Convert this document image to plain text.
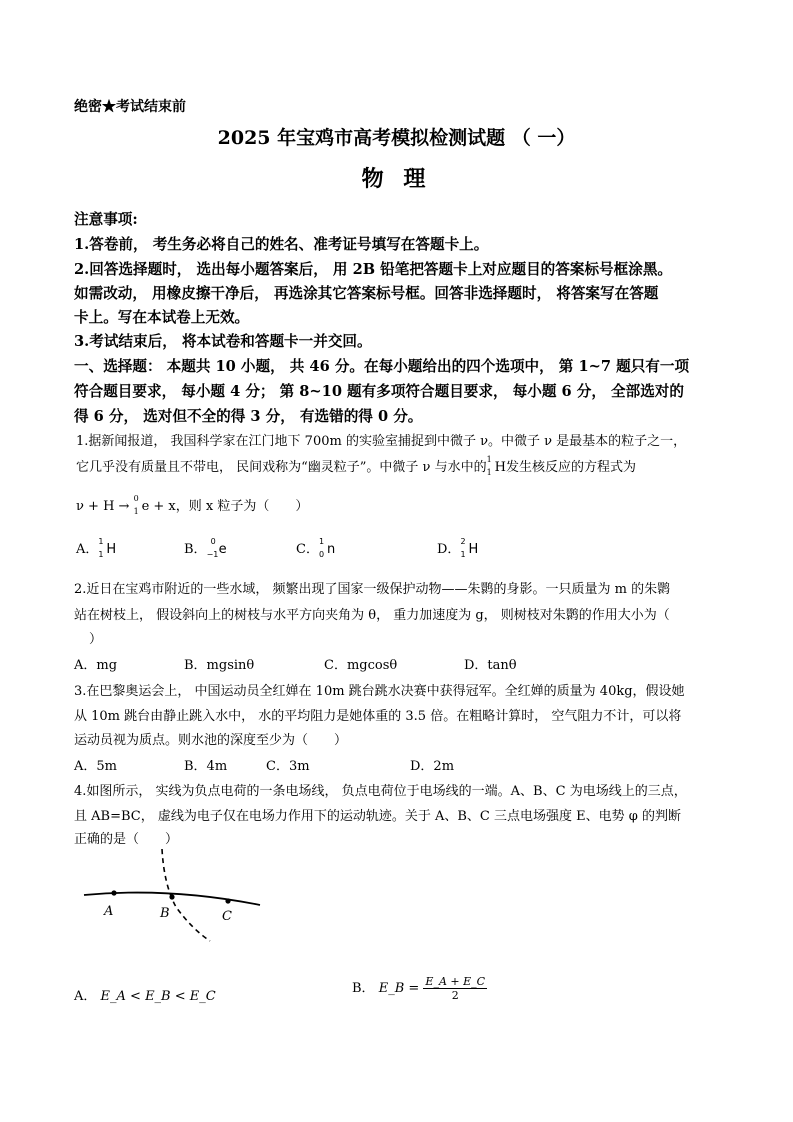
绝密★考试结束前
2025 年宝鸡市高考模拟检测试题 （ 一）
物 理
注意事项:
1.答卷前， 考生务必将自己的姓名、准考证号填写在答题卡上。
2.回答选择题时， 选出每小题答案后， 用 2B 铅笔把答题卡上对应题目的答案标号框涂黑。
如需改动， 用橡皮擦干净后， 再选涂其它答案标号框。回答非选择题时， 将答案写在答题
卡上。写在本试卷上无效。
3.考试结束后， 将本试卷和答题卡一并交回。
一、选择题： 本题共 10 小题， 共 46 分。在每小题给出的四个选项中， 第 1~7 题只有一项
符合题目要求， 每小题 4 分； 第 8~10 题有多项符合题目要求， 每小题 6 分， 全部选对的
得 6 分， 选对但不全的得 3 分， 有选错的得 0 分。
1.据新闻报道， 我国科学家在江门地下 700m 的实验室捕捉到中微子 ν。中微子 ν 是最基本的粒子之一，
它几乎没有质量且不带电， 民间戏称为“幽灵粒子”。中微子 ν 与水中的
1
1 H发生核反应的方程式为
ν + H →
0
1 e + x，则 x 粒子为（　　）
A．
1
1 H	B．
0
−1 e	C．
1
0 n	D．
2
1 H
2.近日在宝鸡市附近的一些水域， 频繁出现了国家一级保护动物——朱鹮的身影。一只质量为 m 的朱鹮
站在树枝上， 假设斜向上的树枝与水平方向夹角为 θ， 重力加速度为 g， 则树枝对朱鹮的作用大小为（
　）
A．mg	B．mgsinθ	C．mgcosθ	D．tanθ
3.在巴黎奥运会上， 中国运动员全红婵在 10m 跳台跳水决赛中获得冠军。全红婵的质量为 40kg，假设她
从 10m 跳台由静止跳入水中， 水的平均阻力是她体重的 3.5 倍。在粗略计算时， 空气阻力不计，可以将
运动员视为质点。则水池的深度至少为（　　）
A．5m	B．4m	C．3m	D．2m
4.如图所示， 实线为负点电荷的一条电场线， 负点电荷位于电场线的一端。A、B、C 为电场线上的三点，
且 AB=BC， 虚线为电子仅在电场力作用下的运动轨迹。关于 A、B、C 三点电场强度 E、电势 φ 的判断
正确的是（　　）
A	B	C
A． E_A < E_B < E_C
B． E_B = $\frac{E\_A + E\_C}{2}$
